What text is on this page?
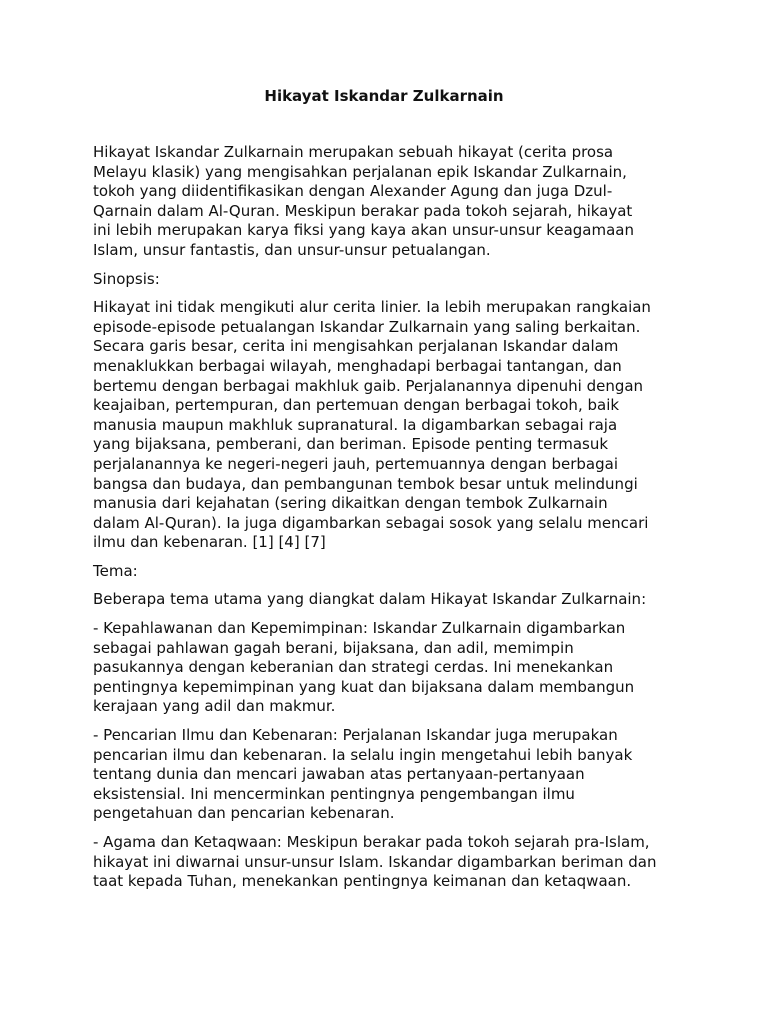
Hikayat Iskandar Zulkarnain

Hikayat Iskandar Zulkarnain merupakan sebuah hikayat (cerita prosa
Melayu klasik) yang mengisahkan perjalanan epik Iskandar Zulkarnain,
tokoh yang diidentifikasikan dengan Alexander Agung dan juga Dzul-
Qarnain dalam Al-Quran. Meskipun berakar pada tokoh sejarah, hikayat
ini lebih merupakan karya fiksi yang kaya akan unsur-unsur keagamaan
Islam, unsur fantastis, dan unsur-unsur petualangan.

Sinopsis:

Hikayat ini tidak mengikuti alur cerita linier. Ia lebih merupakan rangkaian
episode-episode petualangan Iskandar Zulkarnain yang saling berkaitan.
Secara garis besar, cerita ini mengisahkan perjalanan Iskandar dalam
menaklukkan berbagai wilayah, menghadapi berbagai tantangan, dan
bertemu dengan berbagai makhluk gaib. Perjalanannya dipenuhi dengan
keajaiban, pertempuran, dan pertemuan dengan berbagai tokoh, baik
manusia maupun makhluk supranatural. Ia digambarkan sebagai raja
yang bijaksana, pemberani, dan beriman. Episode penting termasuk
perjalanannya ke negeri-negeri jauh, pertemuannya dengan berbagai
bangsa dan budaya, dan pembangunan tembok besar untuk melindungi
manusia dari kejahatan (sering dikaitkan dengan tembok Zulkarnain
dalam Al-Quran). Ia juga digambarkan sebagai sosok yang selalu mencari
ilmu dan kebenaran. [1] [4] [7]

Tema:

Beberapa tema utama yang diangkat dalam Hikayat Iskandar Zulkarnain:

- Kepahlawanan dan Kepemimpinan: Iskandar Zulkarnain digambarkan
sebagai pahlawan gagah berani, bijaksana, dan adil, memimpin
pasukannya dengan keberanian dan strategi cerdas. Ini menekankan
pentingnya kepemimpinan yang kuat dan bijaksana dalam membangun
kerajaan yang adil dan makmur.

- Pencarian Ilmu dan Kebenaran: Perjalanan Iskandar juga merupakan
pencarian ilmu dan kebenaran. Ia selalu ingin mengetahui lebih banyak
tentang dunia dan mencari jawaban atas pertanyaan-pertanyaan
eksistensial. Ini mencerminkan pentingnya pengembangan ilmu
pengetahuan dan pencarian kebenaran.

- Agama dan Ketaqwaan: Meskipun berakar pada tokoh sejarah pra-Islam,
hikayat ini diwarnai unsur-unsur Islam. Iskandar digambarkan beriman dan
taat kepada Tuhan, menekankan pentingnya keimanan dan ketaqwaan.
